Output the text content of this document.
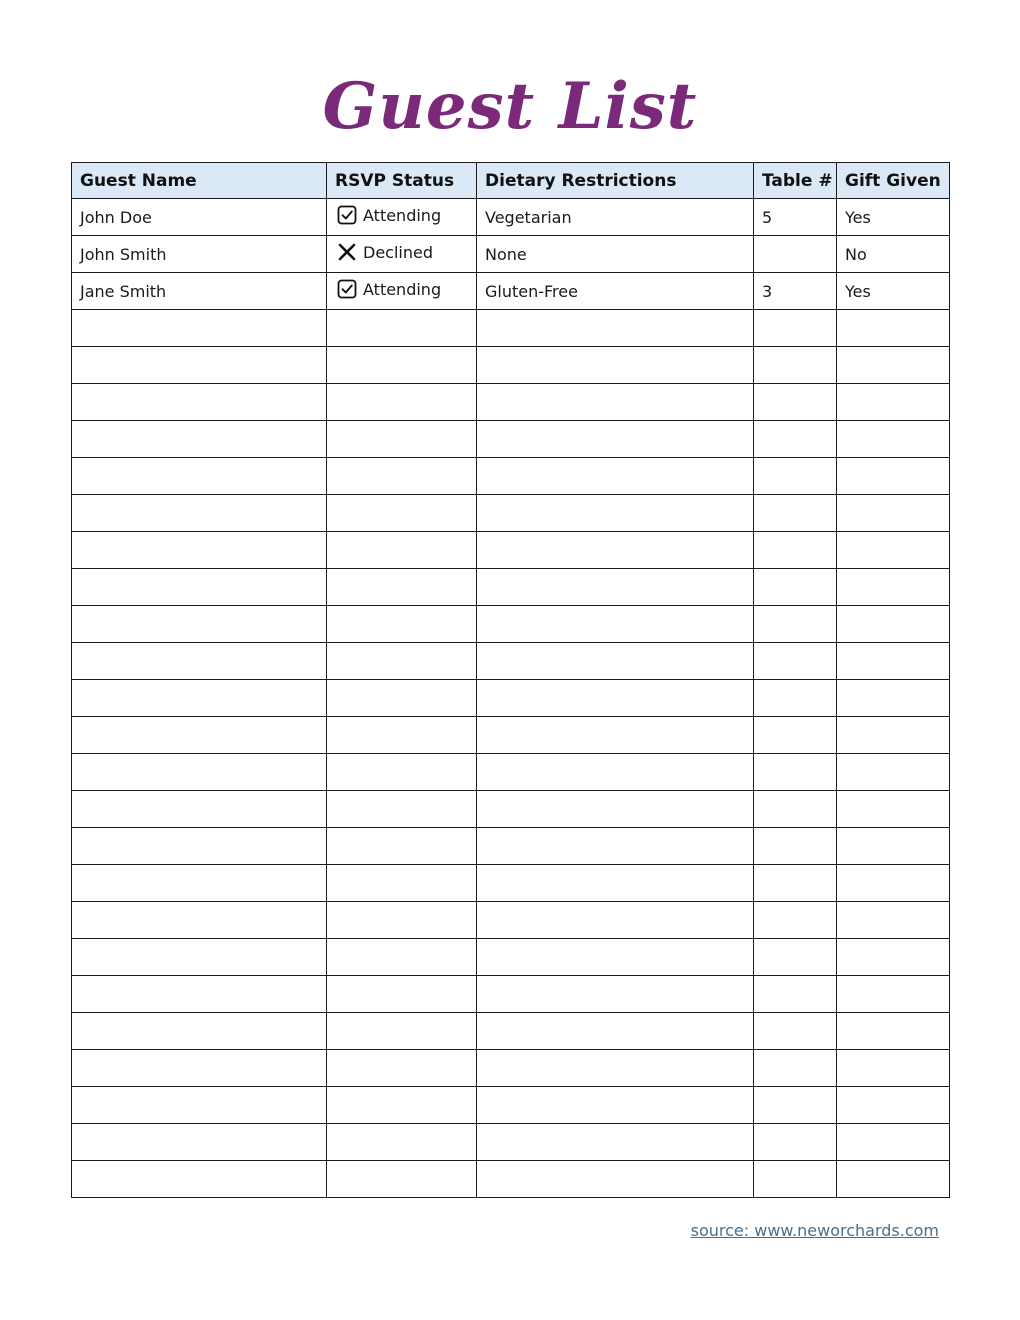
Guest List
Guest Name	RSVP Status	Dietary Restrictions	Table #	Gift Given
John Doe	Attending	Vegetarian	5	Yes
John Smith	Declined	None		No
Jane Smith	Attending	Gluten-Free	3	Yes

source: www.neworchards.com
